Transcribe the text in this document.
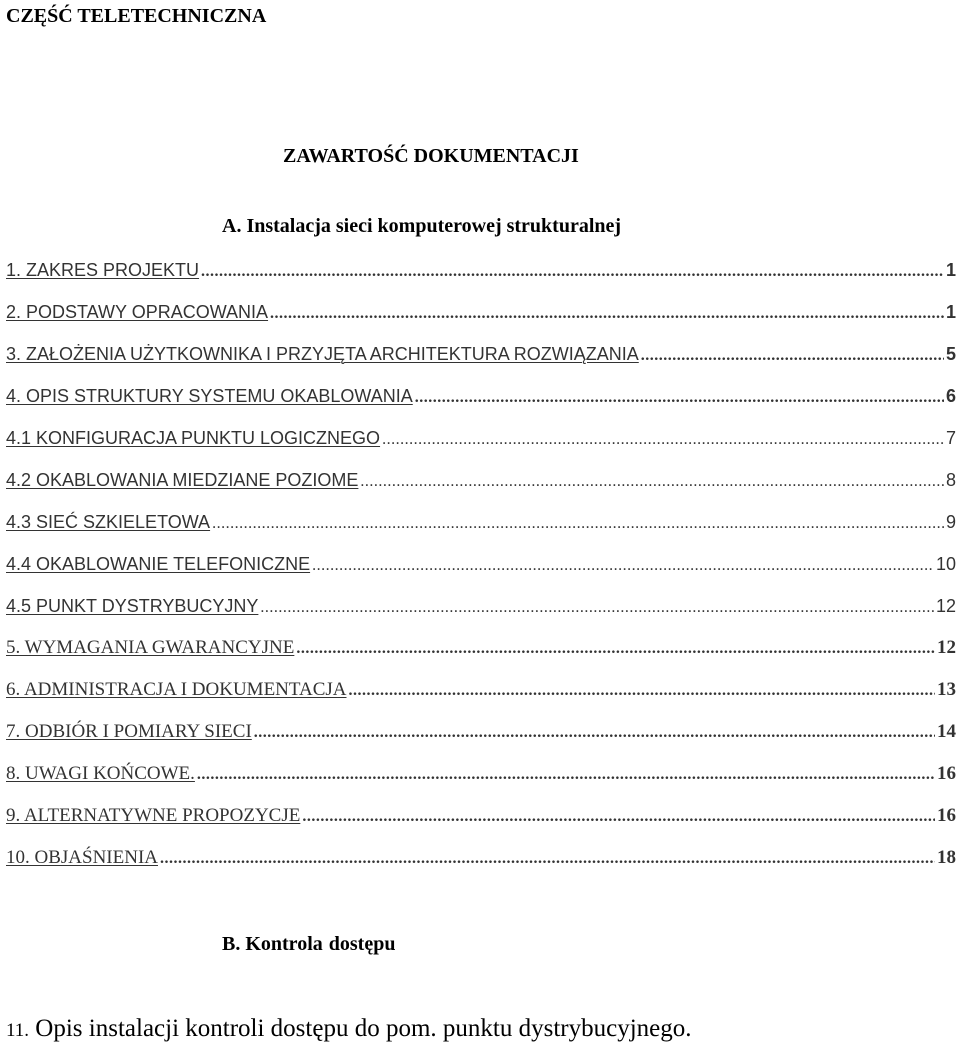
CZĘŚĆ TELETECHNICZNA
ZAWARTOŚĆ DOKUMENTACJI
A. Instalacja sieci komputerowej strukturalnej
1. ZAKRES PROJEKTU .....	1
2. PODSTAWY OPRACOWANIA .....	1
3. ZAŁOŻENIA UŻYTKOWNIKA I PRZYJĘTA ARCHITEKTURA ROZWIĄZANIA .....	5
4. OPIS STRUKTURY SYSTEMU OKABLOWANIA .....	6
4.1 KONFIGURACJA PUNKTU LOGICZNEGO .....	7
4.2 OKABLOWANIA MIEDZIANE POZIOME .....	8
4.3 SIEĆ SZKIELETOWA .....	9
4.4 OKABLOWANIE TELEFONICZNE .....	10
4.5 PUNKT DYSTRYBUCYJNY .....	12
5. WYMAGANIA GWARANCYJNE .....	12
6. ADMINISTRACJA I DOKUMENTACJA .....	13
7. ODBIÓR I POMIARY SIECI .....	14
8. UWAGI KOŃCOWE. .....	16
9. ALTERNATYWNE PROPOZYCJE .....	16
10. OBJAŚNIENIA .....	18
B. Kontrola dostępu
11. Opis instalacji kontroli dostępu do pom. punktu dystrybucyjnego.
